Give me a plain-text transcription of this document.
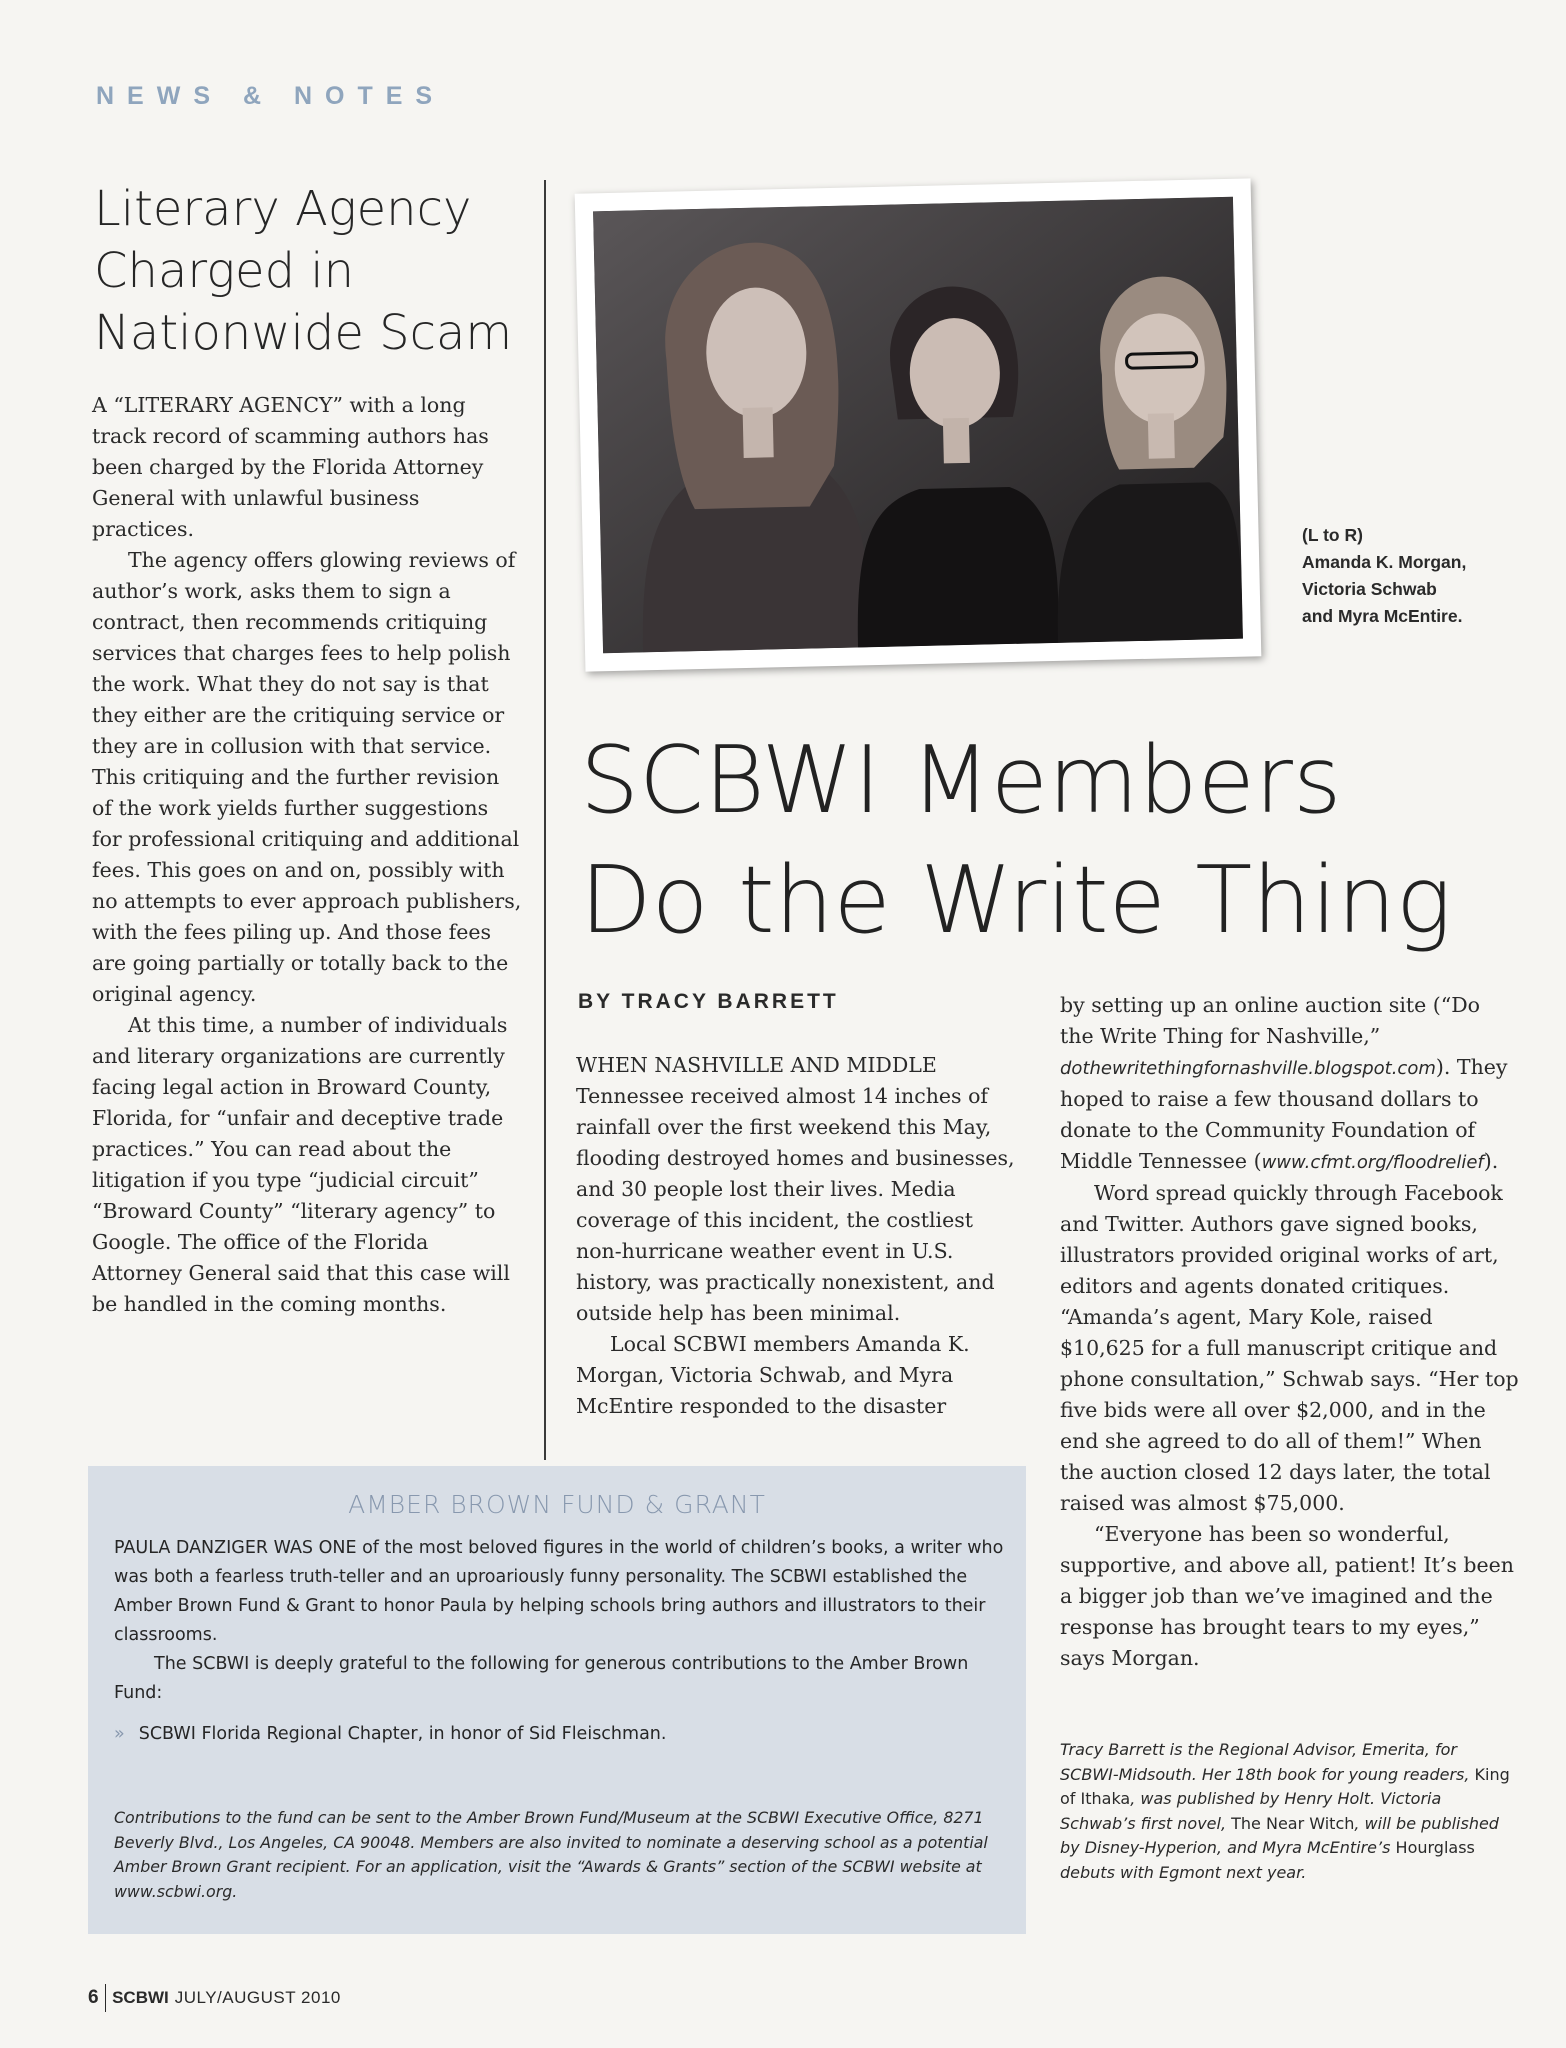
NEWS & NOTES
Literary Agency Charged in Nationwide Scam

A “LITERARY AGENCY” with a long track record of scamming authors has been charged by the Florida Attorney General with unlawful business practices.

The agency offers glowing reviews of author’s work, asks them to sign a contract, then recommends critiquing services that charges fees to help polish the work. What they do not say is that they either are the critiquing service or they are in collusion with that service. This critiquing and the further revision of the work yields further suggestions for professional critiquing and additional fees. This goes on and on, possibly with no attempts to ever approach publishers, with the fees piling up. And those fees are going partially or totally back to the original agency.

At this time, a number of individuals and literary organizations are currently facing legal action in Broward County, Florida, for “unfair and deceptive trade practices.” You can read about the litigation if you type “judicial circuit” “Broward County” “literary agency” to Google. The office of the Florida Attorney General said that this case will be handled in the coming months.

(L to R)
Amanda K. Morgan,
Victoria Schwab
and Myra McEntire.
SCBWI Members
Do the Write Thing
BY TRACY BARRETT

WHEN NASHVILLE AND MIDDLE Tennessee received almost 14 inches of rainfall over the first weekend this May, flooding destroyed homes and businesses, and 30 people lost their lives. Media coverage of this incident, the costliest non-hurricane weather event in U.S. history, was practically nonexistent, and outside help has been minimal.

Local SCBWI members Amanda K. Morgan, Victoria Schwab, and Myra McEntire responded to the disaster

by setting up an online auction site (“Do the Write Thing for Nashville,” dothewritethingfornashville.blogspot.com). They hoped to raise a few thousand dollars to donate to the Community Foundation of Middle Tennessee (www.cfmt.org/floodrelief).

Word spread quickly through Facebook and Twitter. Authors gave signed books, illustrators provided original works of art, editors and agents donated critiques. “Amanda’s agent, Mary Kole, raised $10,625 for a full manuscript critique and phone consultation,” Schwab says. “Her top five bids were all over $2,000, and in the end she agreed to do all of them!” When the auction closed 12 days later, the total raised was almost $75,000.

“Everyone has been so wonderful, supportive, and above all, patient! It’s been a bigger job than we’ve imagined and the response has brought tears to my eyes,” says Morgan.

Tracy Barrett is the Regional Advisor, Emerita, for SCBWI-Midsouth. Her 18th book for young readers, King of Ithaka, was published by Henry Holt. Victoria Schwab’s first novel, The Near Witch, will be published by Disney-Hyperion, and Myra McEntire’s Hourglass debuts with Egmont next year.
AMBER BROWN FUND & GRANT

PAULA DANZIGER WAS ONE of the most beloved figures in the world of children’s books, a writer who was both a fearless truth-teller and an uproariously funny personality. The SCBWI established the Amber Brown Fund & Grant to honor Paula by helping schools bring authors and illustrators to their classrooms.

The SCBWI is deeply grateful to the following for generous contributions to the Amber Brown Fund:

» SCBWI Florida Regional Chapter, in honor of Sid Fleischman.
Contributions to the fund can be sent to the Amber Brown Fund/Museum at the SCBWI Executive Office, 8271 Beverly Blvd., Los Angeles, CA 90048. Members are also invited to nominate a deserving school as a potential Amber Brown Grant recipient. For an application, visit the “Awards & Grants” section of the SCBWI website at www.scbwi.org.
6 SCBWI JULY/AUGUST 2010
